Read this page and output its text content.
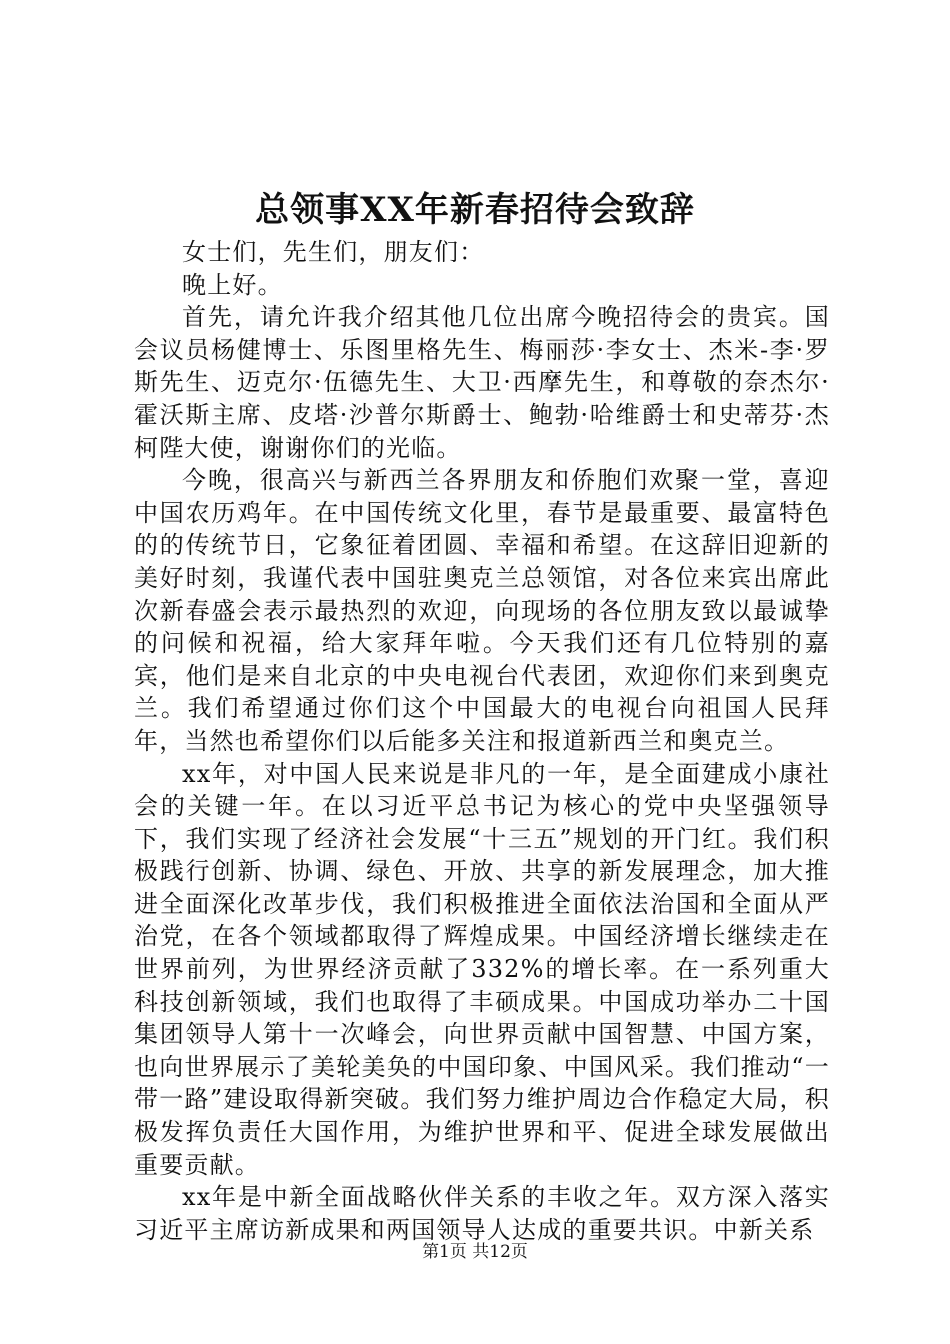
总领事XX年新春招待会致辞

女士们，先生们，朋友们：

晚上好。

首先，请允许我介绍其他几位出席今晚招待会的贵宾。国会议员杨健博士、乐图里格先生、梅丽莎·李女士、杰米-李·罗斯先生、迈克尔·伍德先生、大卫·西摩先生，和尊敬的奈杰尔·霍沃斯主席、皮塔·沙普尔斯爵士、鲍勃·哈维爵士和史蒂芬·杰柯陛大使，谢谢你们的光临。

今晚，很高兴与新西兰各界朋友和侨胞们欢聚一堂，喜迎中国农历鸡年。在中国传统文化里，春节是最重要、最富特色的的传统节日，它象征着团圆、幸福和希望。在这辞旧迎新的美好时刻，我谨代表中国驻奥克兰总领馆，对各位来宾出席此次新春盛会表示最热烈的欢迎，向现场的各位朋友致以最诚挚的问候和祝福，给大家拜年啦。今天我们还有几位特别的嘉宾，他们是来自北京的中央电视台代表团，欢迎你们来到奥克兰。我们希望通过你们这个中国最大的电视台向祖国人民拜年，当然也希望你们以后能多关注和报道新西兰和奥克兰。

xx年，对中国人民来说是非凡的一年，是全面建成小康社会的关键一年。在以习近平总书记为核心的党中央坚强领导下，我们实现了经济社会发展“十三五”规划的开门红。我们积极践行创新、协调、绿色、开放、共享的新发展理念，加大推进全面深化改革步伐，我们积极推进全面依法治国和全面从严治党，在各个领域都取得了辉煌成果。中国经济增长继续走在世界前列，为世界经济贡献了332%的增长率。在一系列重大科技创新领域，我们也取得了丰硕成果。中国成功举办二十国集团领导人第十一次峰会，向世界贡献中国智慧、中国方案，也向世界展示了美轮美奂的中国印象、中国风采。我们推动“一带一路”建设取得新突破。我们努力维护周边合作稳定大局，积极发挥负责任大国作用，为维护世界和平、促进全球发展做出重要贡献。

xx年是中新全面战略伙伴关系的丰收之年。双方深入落实习近平主席访新成果和两国领导人达成的重要共识。中新关系

第1页 共12页
